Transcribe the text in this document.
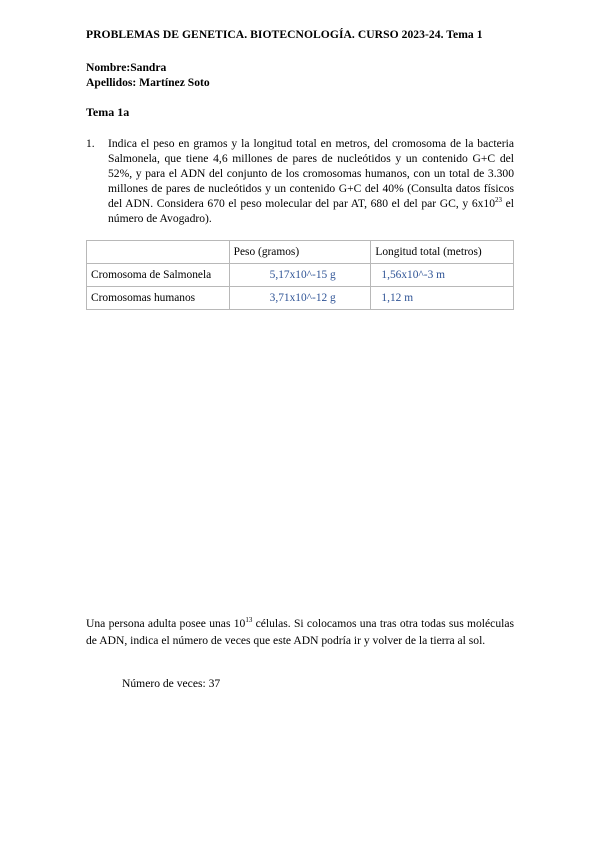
PROBLEMAS DE GENETICA. BIOTECNOLOGÍA. CURSO 2023-24. Tema 1
Nombre:Sandra
Apellidos: Martínez Soto
Tema 1a
1. Indica el peso en gramos y la longitud total en metros, del cromosoma de la bacteria Salmonela, que tiene 4,6 millones de pares de nucleótidos y un contenido G+C del 52%, y para el ADN del conjunto de los cromosomas humanos, con un total de 3.300 millones de pares de nucleótidos y un contenido G+C del 40% (Consulta datos físicos del ADN. Considera 670 el peso molecular del par AT, 680 el del par GC, y $6x10^{23}$ el número de Avogadro).
	Peso (gramos)	Longitud total (metros)
Cromosoma de Salmonela	5,17x10^-15 g	1,56x10^-3 m
Cromosomas humanos	3,71x10^-12 g	1,12 m
Una persona adulta posee unas $10^{13}$ células. Si colocamos una tras otra todas sus moléculas de ADN, indica el número de veces que este ADN podría ir y volver de la tierra al sol.
Número de veces: 37
